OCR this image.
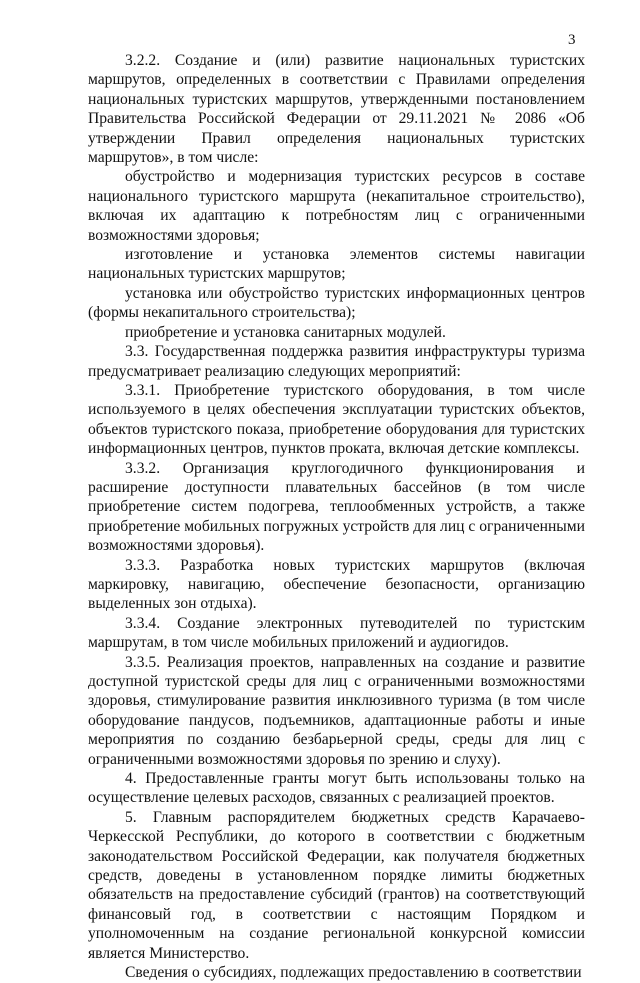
3

3.2.2. Создание и (или) развитие национальных туристских маршрутов, определенных в соответствии с Правилами определения национальных туристских маршрутов, утвержденными постановлением Правительства Российской Федерации от 29.11.2021 № 2086 «Об утверждении Правил определения национальных туристских маршрутов», в том числе:

обустройство и модернизация туристских ресурсов в составе национального туристского маршрута (некапитальное строительство), включая их адаптацию к потребностям лиц с ограниченными возможностями здоровья;

изготовление и установка элементов системы навигации национальных туристских маршрутов;

установка или обустройство туристских информационных центров (формы некапитального строительства);

приобретение и установка санитарных модулей.

3.3. Государственная поддержка развития инфраструктуры туризма предусматривает реализацию следующих мероприятий:

3.3.1. Приобретение туристского оборудования, в том числе используемого в целях обеспечения эксплуатации туристских объектов, объектов туристского показа, приобретение оборудования для туристских информационных центров, пунктов проката, включая детские комплексы.

3.3.2. Организация круглогодичного функционирования и расширение доступности плавательных бассейнов (в том числе приобретение систем подогрева, теплообменных устройств, а также приобретение мобильных погружных устройств для лиц с ограниченными возможностями здоровья).

3.3.3. Разработка новых туристских маршрутов (включая маркировку, навигацию, обеспечение безопасности, организацию выделенных зон отдыха).

3.3.4. Создание электронных путеводителей по туристским маршрутам, в том числе мобильных приложений и аудиогидов.

3.3.5. Реализация проектов, направленных на создание и развитие доступной туристской среды для лиц с ограниченными возможностями здоровья, стимулирование развития инклюзивного туризма (в том числе оборудование пандусов, подъемников, адаптационные работы и иные мероприятия по созданию безбарьерной среды, среды для лиц с ограниченными возможностями здоровья по зрению и слуху).

4. Предоставленные гранты могут быть использованы только на осуществление целевых расходов, связанных с реализацией проектов.

5. Главным распорядителем бюджетных средств Карачаево-Черкесской Республики, до которого в соответствии с бюджетным законодательством Российской Федерации, как получателя бюджетных средств, доведены в установленном порядке лимиты бюджетных обязательств на предоставление субсидий (грантов) на соответствующий финансовый год, в соответствии с настоящим Порядком и уполномоченным на создание региональной конкурсной комиссии является Министерство.

Сведения о субсидиях, подлежащих предоставлению в соответствии
